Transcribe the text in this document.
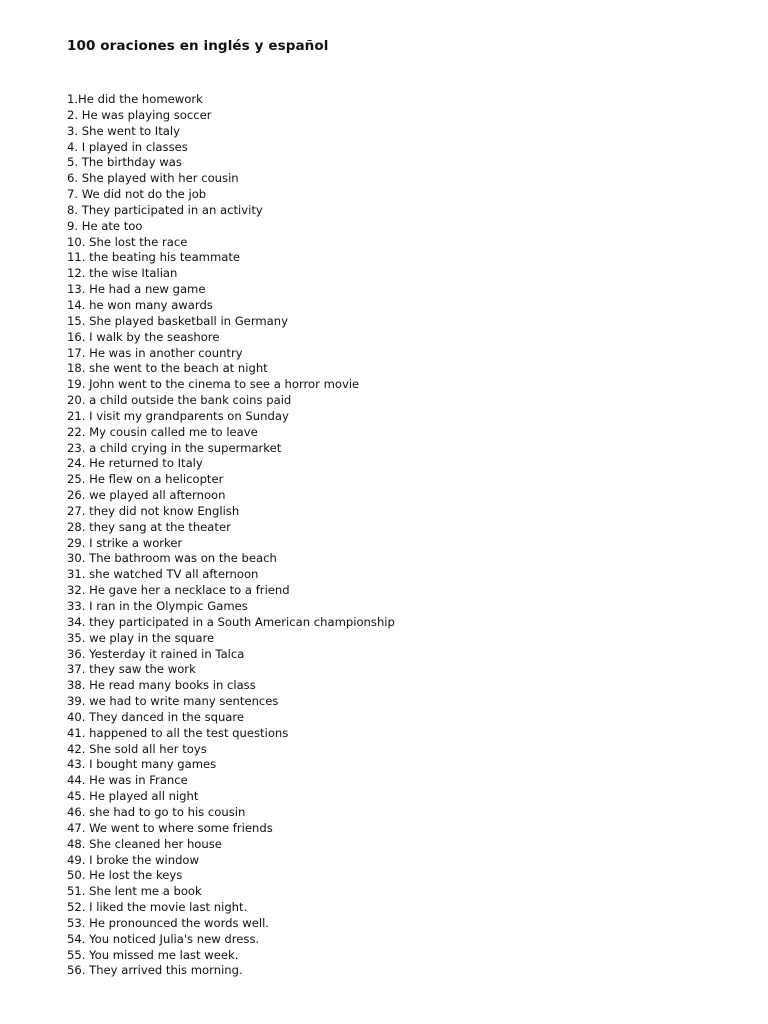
100 oraciones en inglés y español
1.He did the homework
2. He was playing soccer
3. She went to Italy
4. I played in classes
5. The birthday was
6. She played with her cousin
7. We did not do the job
8. They participated in an activity
9. He ate too
10. She lost the race
11. the beating his teammate
12. the wise Italian
13. He had a new game
14. he won many awards
15. She played basketball in Germany
16. I walk by the seashore
17. He was in another country
18. she went to the beach at night
19. John went to the cinema to see a horror movie
20. a child outside the bank coins paid
21. I visit my grandparents on Sunday
22. My cousin called me to leave
23. a child crying in the supermarket
24. He returned to Italy
25. He flew on a helicopter
26. we played all afternoon
27. they did not know English
28. they sang at the theater
29. I strike a worker
30. The bathroom was on the beach
31. she watched TV all afternoon
32. He gave her a necklace to a friend
33. I ran in the Olympic Games
34. they participated in a South American championship
35. we play in the square
36. Yesterday it rained in Talca
37. they saw the work
38. He read many books in class
39. we had to write many sentences
40. They danced in the square
41. happened to all the test questions
42. She sold all her toys
43. I bought many games
44. He was in France
45. He played all night
46. she had to go to his cousin
47. We went to where some friends
48. She cleaned her house
49. I broke the window
50. He lost the keys
51. She lent me a book
52. I liked the movie last night.
53. He pronounced the words well.
54. You noticed Julia's new dress.
55. You missed me last week.
56. They arrived this morning.
